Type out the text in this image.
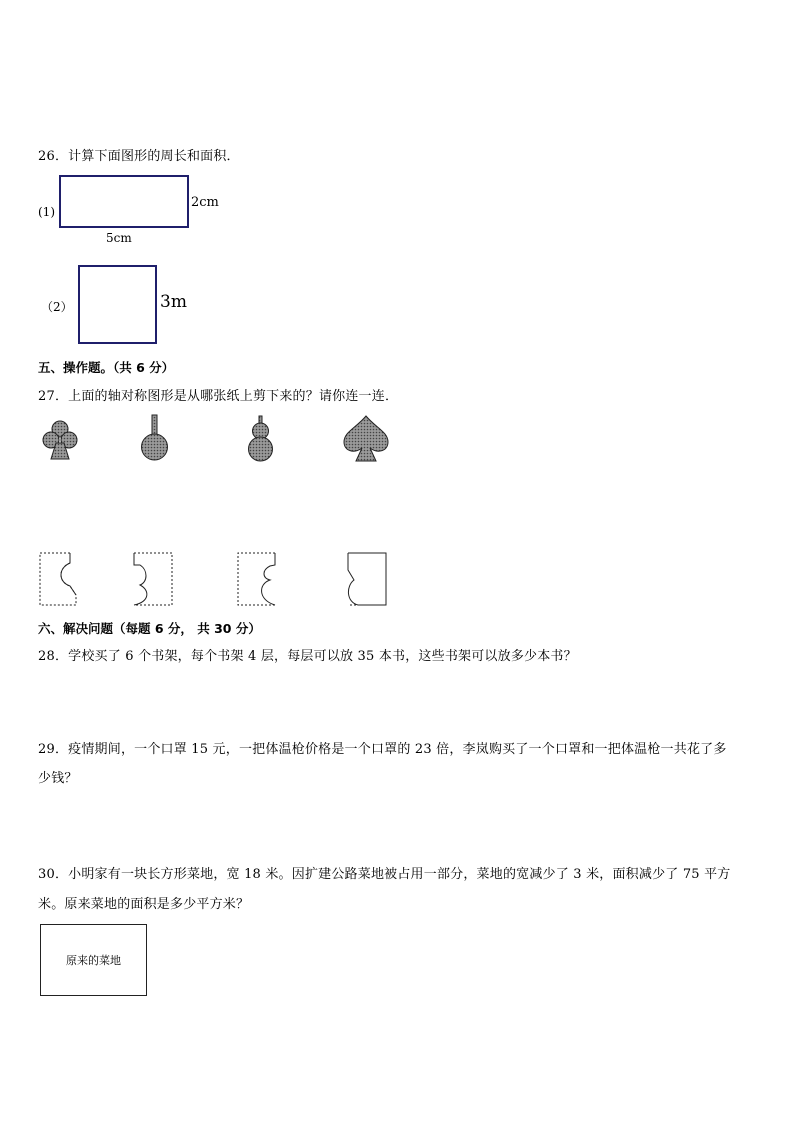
26．计算下面图形的周长和面积．
(1)
2cm
5cm
（2）	3m
五、操作题。（共 6 分）
27．上面的轴对称图形是从哪张纸上剪下来的？请你连一连．
六、解决问题（每题 6 分， 共 30 分）
28．学校买了 6 个书架，每个书架 4 层，每层可以放 35 本书，这些书架可以放多少本书？
29．疫情期间，一个口罩 15 元，一把体温枪价格是一个口罩的 23 倍，李岚购买了一个口罩和一把体温枪一共花了多
少钱？
30．小明家有一块长方形菜地，宽 18 米。因扩建公路菜地被占用一部分，菜地的宽减少了 3 米，面积减少了 75 平方
米。原来菜地的面积是多少平方米？
原来的菜地
